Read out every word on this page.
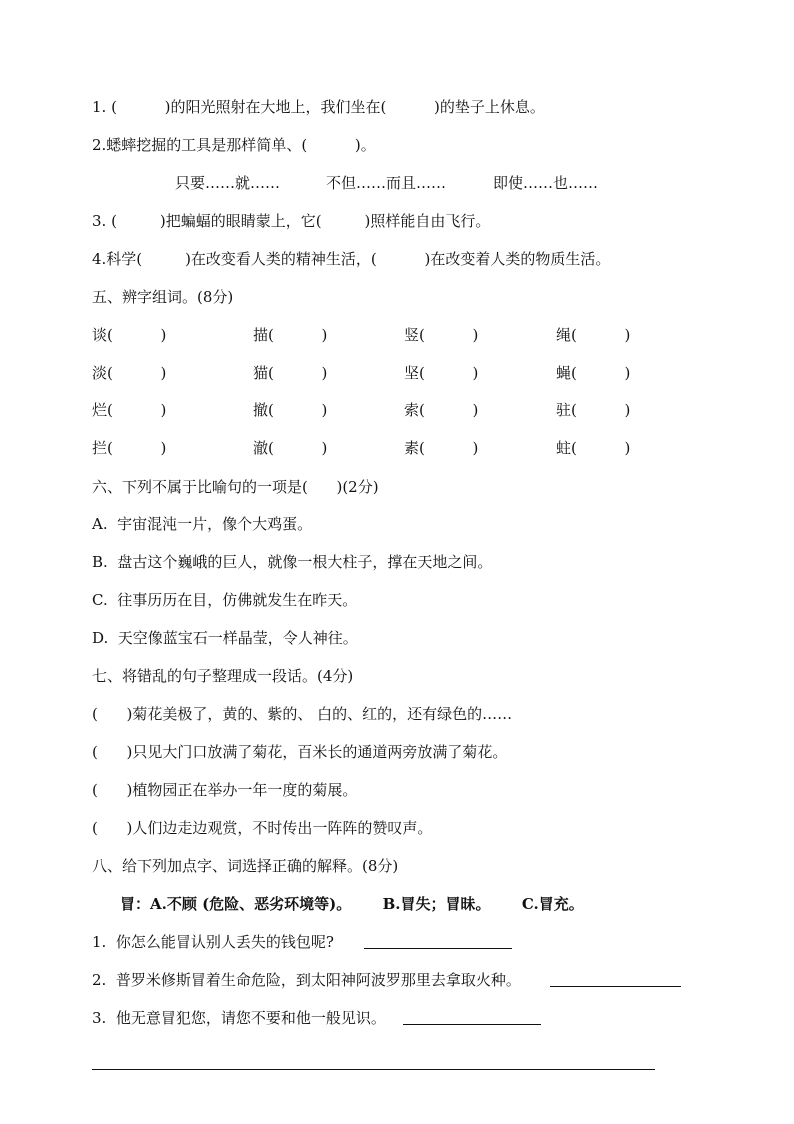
1. (          )的阳光照射在大地上，我们坐在(          )的垫子上休息。
2.蟋蟀挖掘的工具是那样简单、(          )。
只要……就……	不但……而且……	即使……也……
3. (         )把蝙蝠的眼睛蒙上，它(         )照样能自由飞行。
4.科学(         )在改变看人类的精神生活，(          )在改变着人类的物质生活。
五、辨字组词。(8分)
谈(          )	描(          )	竖(          )	绳(          )
淡(          )	猫(          )	坚(          )	蝇(          )
烂(          )	撤(          )	索(          )	驻(          )
拦(          )	澈(          )	素(          )	蛀(          )
六、下列不属于比喻句的一项是(      )(2分)
A.  宇宙混沌一片，像个大鸡蛋。
B.  盘古这个巍峨的巨人，就像一根大柱子，撑在天地之间。
C.  往事历历在目，仿佛就发生在昨天。
D.  天空像蓝宝石一样晶莹，令人神往。
七、将错乱的句子整理成一段话。(4分)
(      )菊花美极了，黄的、紫的、 白的、红的，还有绿色的……
(      )只见大门口放满了菊花，百米长的通道两旁放满了菊花。
(      )植物园正在举办一年一度的菊展。
(      )人们边走边观赏，不时传出一阵阵的赞叹声。
八、给下列加点字、词选择正确的解释。(8分)
冒：A.不顾 (危险、恶劣环境等)。      B.冒失；冒昧。      C.冒充。
1.  你怎么能冒认别人丢失的钱包呢?
2.  普罗米修斯冒着生命危险，到太阳神阿波罗那里去拿取火种。
3.  他无意冒犯您，请您不要和他一般见识。
